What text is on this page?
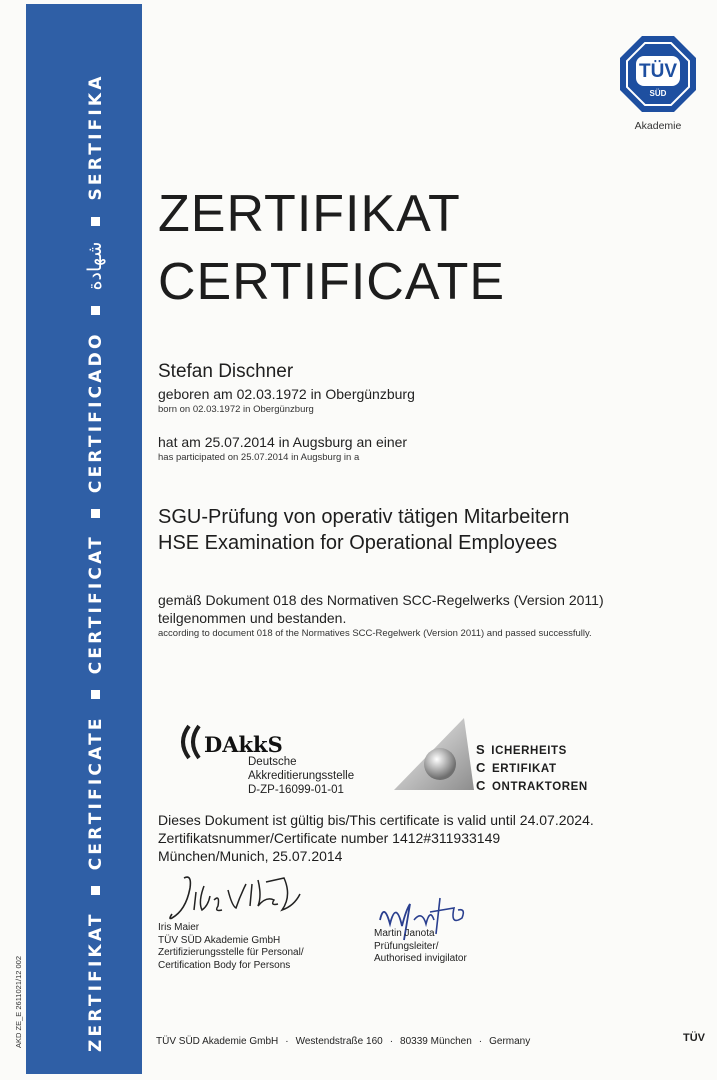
ZERTIFIKATCERTIFICATECERTIFICATCERTIFICADOشهادةSERTIFIKA
AKD ZE_E 2611021/12 002
TÜV
SÜD
Akademie
ZERTIFIKAT
CERTIFICATE
Stefan Dischner
geboren am 02.03.1972 in Obergünzburg
born on 02.03.1972 in Obergünzburg
hat am 25.07.2014 in Augsburg an einer
has participated on 25.07.2014 in Augsburg in a
SGU-Prüfung von operativ tätigen Mitarbeitern
HSE Examination for Operational Employees
gemäß Dokument 018 des Normativen SCC-Regelwerks (Version 2011)
teilgenommen und bestanden.
according to document 018 of the Normatives SCC-Regelwerk (Version 2011) and passed successfully.
DAkkS
Deutsche
Akkreditierungsstelle
D-ZP-16099-01-01
S ICHERHEITS
C ERTIFIKAT
C ONTRAKTOREN
Dieses Dokument ist gültig bis/This certificate is valid until 24.07.2024.
Zertifikatsnummer/Certificate number 1412#311933149
München/Munich, 25.07.2014
Iris Maier
TÜV SÜD Akademie GmbH
Zertifizierungsstelle für Personal/
Certification Body for Persons
Martin Janota
Prüfungsleiter/
Authorised invigilator
TÜV SÜD Akademie GmbH · Westendstraße 160 · 80339 München · Germany	TÜV
